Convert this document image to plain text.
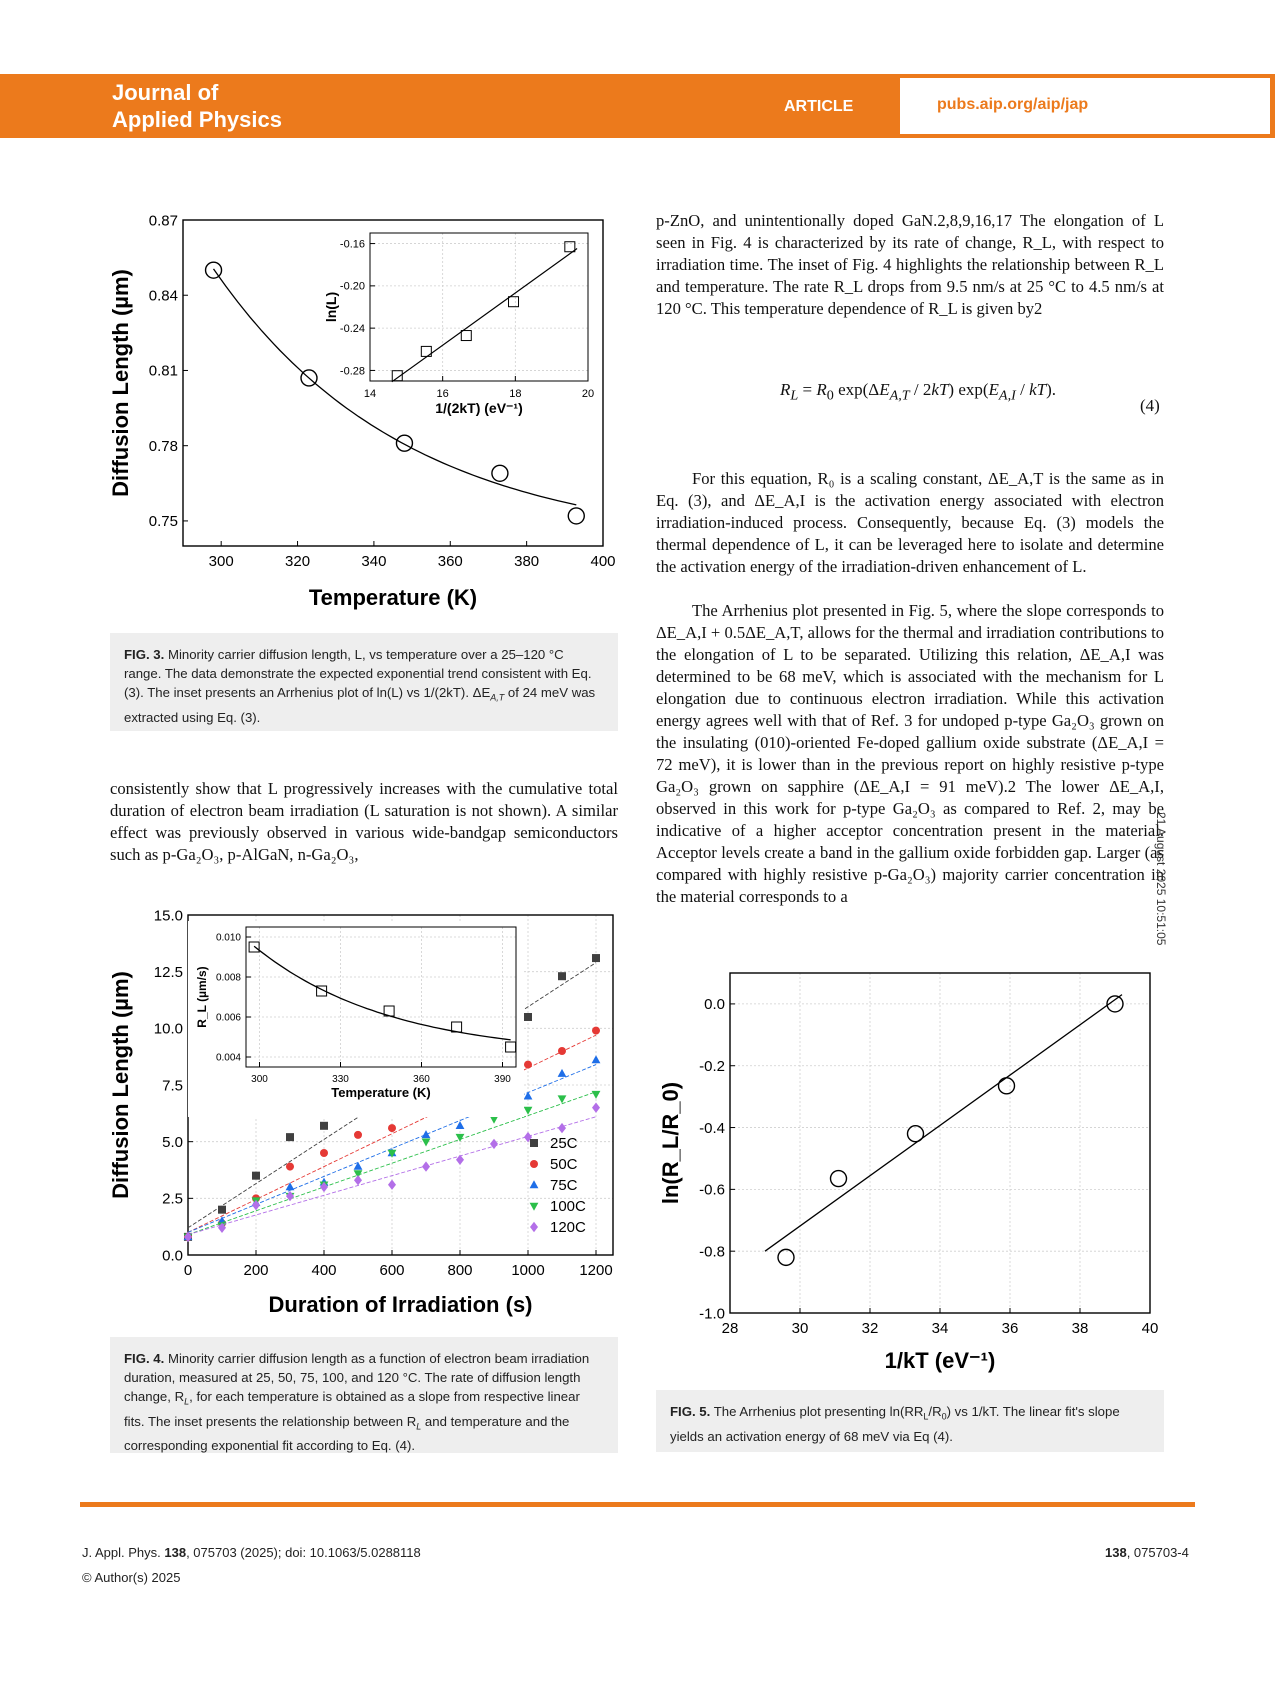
Journal of
Applied Physics
ARTICLE	pubs.aip.org/aip/jap
300	320	340	360	380	400
0.75
0.78
0.81
0.84
0.87
Temperature (K)
Diffusion Length (µm)	14	16	18	20
-0.28
-0.24
-0.20
-0.16
1/(2kT) (eV⁻¹)
ln(L)
FIG. 3. Minority carrier diffusion length, L, vs temperature over a 25–120 °C range. The data demonstrate the expected exponential trend consistent with Eq. (3). The inset presents an Arrhenius plot of ln(L) vs 1/(2kT). $\Delta E_{A,T}$ of 24 meV was extracted using Eq. (3).

consistently show that L progressively increases with the cumulative total duration of electron beam irradiation (L saturation is not shown). A similar effect was previously observed in various wide-bandgap semiconductors such as p-Ga₂O₃, p-AlGaN, n-Ga₂O₃,

0	200	400	600	800	1000 1200
0.0
2.5
5.0
7.5
10.0
12.5
15.0
25C
50C
75C
100C
120C
Duration of Irradiation (s)
Diffusion Length (µm)	300	330	360	390
0.004
0.006
0.008
0.010
Temperature (K)
R_L (µm/s)
FIG. 4. Minority carrier diffusion length as a function of electron beam irradiation duration, measured at 25, 50, 75, 100, and 120 °C. The rate of diffusion length change, $R_L$, for each temperature is obtained as a slope from respective linear fits. The inset presents the relationship between $R_L$ and temperature and the corresponding exponential fit according to Eq. (4).

p-ZnO, and unintentionally doped GaN.2,8,9,16,17 The elongation of L seen in Fig. 4 is characterized by its rate of change, R_L, with respect to irradiation time. The inset of Fig. 4 highlights the relationship between R_L and temperature. The rate R_L drops from 9.5 nm/s at 25 °C to 4.5 nm/s at 120 °C. This temperature dependence of R_L is given by2

$R_L = R_0$ $\exp(\Delta E_{A,T} / 2kT)$ $\exp(E_{A,I} / kT)$.
(4)

For this equation, R₀ is a scaling constant, ΔE_A,T is the same as in Eq. (3), and ΔE_A,I is the activation energy associated with electron irradiation-induced process. Consequently, because Eq. (3) models the thermal dependence of L, it can be leveraged here to isolate and determine the activation energy of the irradiation-driven enhancement of L.

The Arrhenius plot presented in Fig. 5, where the slope corresponds to ΔE_A,I + 0.5ΔE_A,T, allows for the thermal and irradiation contributions to the elongation of L to be separated. Utilizing this relation, ΔE_A,I was determined to be 68 meV, which is associated with the mechanism for L elongation due to continuous electron irradiation. While this activation energy agrees well with that of Ref. 3 for undoped p-type Ga₂O₃ grown on the insulating (010)-oriented Fe-doped gallium oxide substrate (ΔE_A,I = 72 meV), it is lower than in the previous report on highly resistive p-type Ga₂O₃ grown on sapphire (ΔE_A,I = 91 meV).2 The lower ΔE_A,I, observed in this work for p-type Ga₂O₃ as compared to Ref. 2, may be indicative of a higher acceptor concentration present in the material. Acceptor levels create a band in the gallium oxide forbidden gap. Larger (as compared with highly resistive p-Ga₂O₃) majority carrier concentration in the material corresponds to a	21 August 2025 10:51:05
28	30	32	34	36	38	40
-1.0
-0.8
-0.6
-0.4
-0.2
0.0
1/kT (eV⁻¹)
ln(R_L/R_0)
FIG. 5. The Arrhenius plot presenting $\ln(RR_L/R_0)$ vs 1/kT. The linear fit's slope yields an activation energy of 68 meV via Eq (4).
J. Appl. Phys. 138, 075703 (2025); doi: 10.1063/5.0288118
© Author(s) 2025
138, 075703-4
